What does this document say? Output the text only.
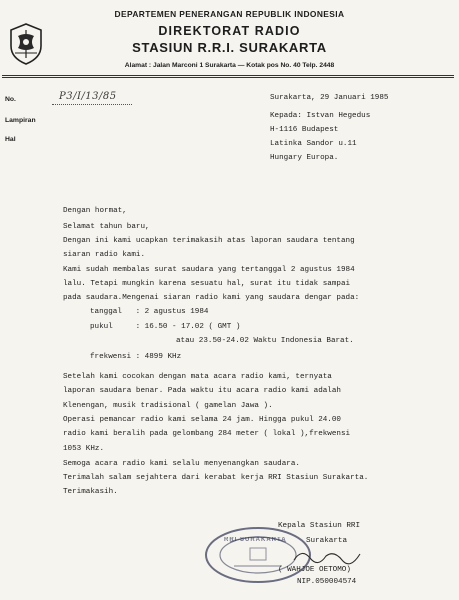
DEPARTEMEN PENERANGAN REPUBLIK INDONESIA
DIREKTORAT RADIO
STASIUN R.R.I. SURAKARTA
Alamat : Jalan Marconi 1 Surakarta — Kotak pos No. 40 Telp. 2448
No.	P3/I/13/85
Lampiran
Hal
Surakarta, 29 Januari 1985
Kepada: Istvan Hegedus
H-1116 Budapest
Latinka Sandor u.11
Hungary Europa.
Dengan hormat,
Selamat tahun baru,
Dengan ini kami ucapkan terimakasih atas laporan saudara tentang
siaran radio kami.
Kami sudah membalas surat saudara yang tertanggal 2 agustus 1984
lalu. Tetapi mungkin karena sesuatu hal, surat itu tidak sampai
pada saudara.Mengenai siaran radio kami yang saudara dengar pada:
tanggal   : 2 agustus 1984
pukul     : 16.50 - 17.02 ( GMT )
atau 23.50-24.02 Waktu Indonesia Barat.
frekwensi : 4899 KHz
Setelah kami cocokan dengan mata acara radio kami, ternyata
laporan saudara benar. Pada waktu itu acara radio kami adalah
Klenengan, musik tradisional ( gamelan Jawa ).
Operasi pemancar radio kami selama 24 jam. Hingga pukul 24.00
radio kami beralih pada gelombang 284 meter ( lokal ),frekwensi
1053 KHz.
Semoga acara radio kami selalu menyenangkan saudara.
Terimalah salam sejahtera dari kerabat kerja RRI Stasiun Surakarta.
Terimakasih.
RRI SURAKARTA
Kepala Stasiun RRI
Surakarta
( WAHJOE OETOMO)
NIP.050004574
